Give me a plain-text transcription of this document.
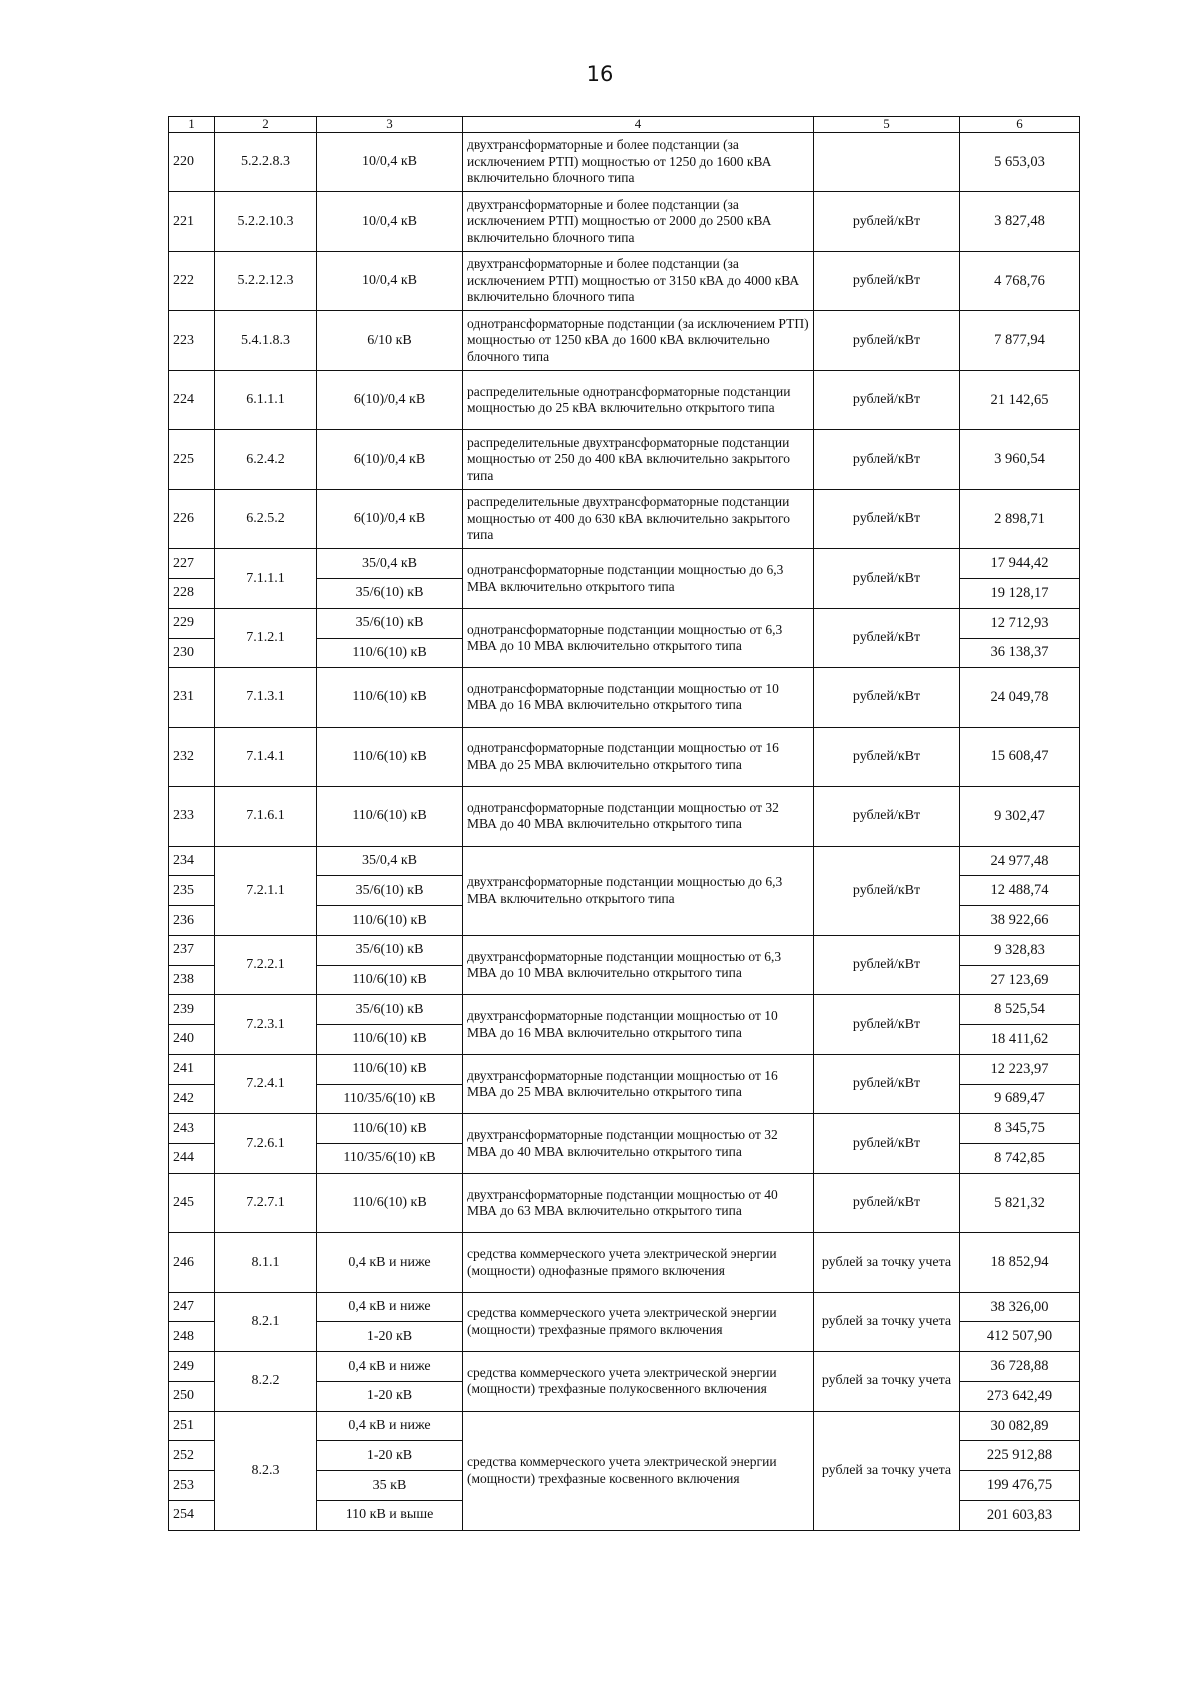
16
1	2	3	4	5	6
220	5.2.2.8.3	10/0,4 кВ	двухтрансформаторные и более подстанции (за исключением РТП) мощностью от 1250 до 1600 кВА включительно блочного типа		5 653,03
221	5.2.2.10.3	10/0,4 кВ	двухтрансформаторные и более подстанции (за исключением РТП) мощностью от 2000 до 2500 кВА включительно блочного типа	рублей/кВт	3 827,48
222	5.2.2.12.3	10/0,4 кВ	двухтрансформаторные и более подстанции (за исключением РТП) мощностью от 3150 кВА до 4000 кВА включительно блочного типа	рублей/кВт	4 768,76
223	5.4.1.8.3	6/10 кВ	однотрансформаторные подстанции (за исключением РТП) мощностью от 1250 кВА до 1600 кВА включительно блочного типа	рублей/кВт	7 877,94
224	6.1.1.1	6(10)/0,4 кВ	распределительные однотрансформаторные подстанции мощностью до 25 кВА включительно открытого типа	рублей/кВт	21 142,65
225	6.2.4.2	6(10)/0,4 кВ	распределительные двухтрансформаторные подстанции мощностью от 250 до 400 кВА включительно закрытого типа	рублей/кВт	3 960,54
226	6.2.5.2	6(10)/0,4 кВ	распределительные двухтрансформаторные подстанции мощностью от 400 до 630 кВА включительно закрытого типа	рублей/кВт	2 898,71
227	7.1.1.1	35/0,4 кВ	однотрансформаторные подстанции мощностью до 6,3 МВА включительно открытого типа	рублей/кВт	17 944,42
228		35/6(10) кВ			19 128,17
229	7.1.2.1	35/6(10) кВ	однотрансформаторные подстанции мощностью от 6,3 МВА до 10 МВА включительно открытого типа	рублей/кВт	12 712,93
230		110/6(10) кВ			36 138,37
231	7.1.3.1	110/6(10) кВ	однотрансформаторные подстанции мощностью от 10 МВА до 16 МВА включительно открытого типа	рублей/кВт	24 049,78
232	7.1.4.1	110/6(10) кВ	однотрансформаторные подстанции мощностью от 16 МВА до 25 МВА включительно открытого типа	рублей/кВт	15 608,47
233	7.1.6.1	110/6(10) кВ	однотрансформаторные подстанции мощностью от 32 МВА до 40 МВА включительно открытого типа	рублей/кВт	9 302,47
234	7.2.1.1	35/0,4 кВ	двухтрансформаторные подстанции мощностью до 6,3 МВА включительно открытого типа	рублей/кВт	24 977,48
235		35/6(10) кВ			12 488,74
236		110/6(10) кВ			38 922,66
237	7.2.2.1	35/6(10) кВ	двухтрансформаторные подстанции мощностью от 6,3 МВА до 10 МВА включительно открытого типа	рублей/кВт	9 328,83
238		110/6(10) кВ			27 123,69
239	7.2.3.1	35/6(10) кВ	двухтрансформаторные подстанции мощностью от 10 МВА до 16 МВА включительно открытого типа	рублей/кВт	8 525,54
240		110/6(10) кВ			18 411,62
241	7.2.4.1	110/6(10) кВ	двухтрансформаторные подстанции мощностью от 16 МВА до 25 МВА включительно открытого типа	рублей/кВт	12 223,97
242		110/35/6(10) кВ			9 689,47
243	7.2.6.1	110/6(10) кВ	двухтрансформаторные подстанции мощностью от 32 МВА до 40 МВА включительно открытого типа	рублей/кВт	8 345,75
244		110/35/6(10) кВ			8 742,85
245	7.2.7.1	110/6(10) кВ	двухтрансформаторные подстанции мощностью от 40 МВА до 63 МВА включительно открытого типа	рублей/кВт	5 821,32
246	8.1.1	0,4 кВ и ниже	средства коммерческого учета электрической энергии (мощности) однофазные прямого включения	рублей за точку учета	18 852,94
247	8.2.1	0,4 кВ и ниже	средства коммерческого учета электрической энергии (мощности) трехфазные прямого включения	рублей за точку учета	38 326,00
248		1-20 кВ			412 507,90
249	8.2.2	0,4 кВ и ниже	средства коммерческого учета электрической энергии (мощности) трехфазные полукосвенного включения	рублей за точку учета	36 728,88
250		1-20 кВ			273 642,49
251	8.2.3	0,4 кВ и ниже	средства коммерческого учета электрической энергии (мощности) трехфазные косвенного включения	рублей за точку учета	30 082,89
252		1-20 кВ			225 912,88
253		35 кВ			199 476,75
254		110 кВ и выше			201 603,83
